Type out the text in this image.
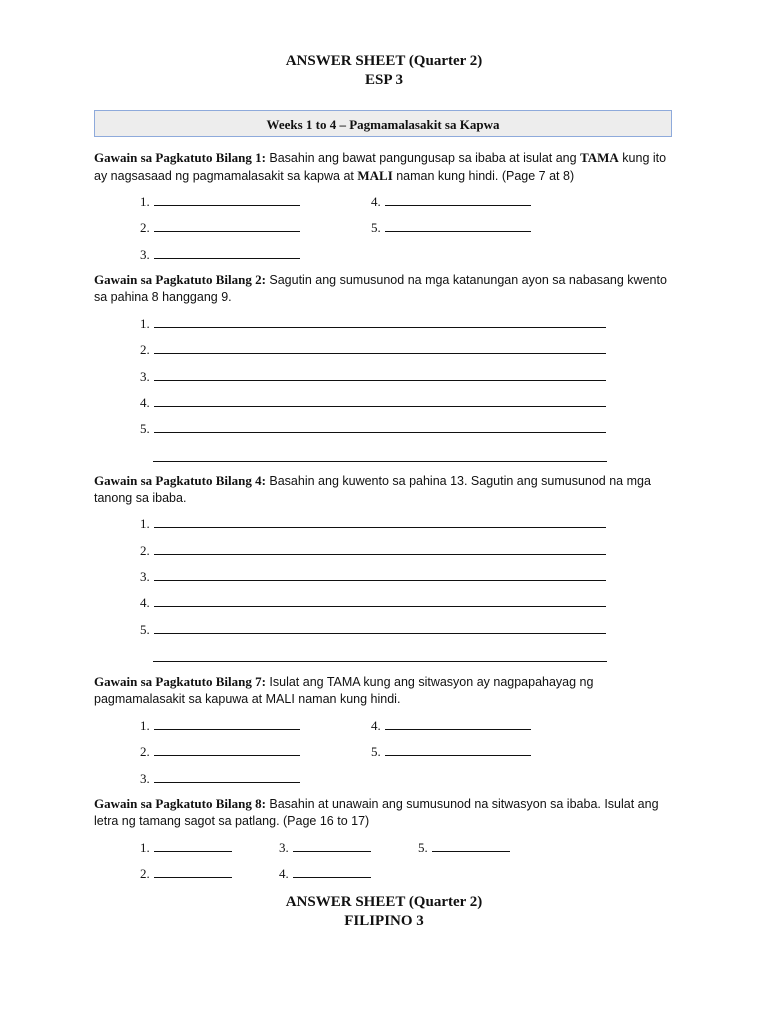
ANSWER SHEET (Quarter 2)
ESP 3
Weeks 1 to 4 – Pagmamalasakit sa Kapwa
Gawain sa Pagkatuto Bilang 1: Basahin ang bawat pangungusap sa ibaba at isulat ang TAMA kung ito ay nagsasaad ng pagmamalasakit sa kapwa at MALI naman kung hindi. (Page 7 at 8)
1.
2.
3.
4.
5.
Gawain sa Pagkatuto Bilang 2: Sagutin ang sumusunod na mga katanungan ayon sa nabasang kwento sa pahina 8 hanggang 9.
1.
2.
3.
4.
5.
Gawain sa Pagkatuto Bilang 4: Basahin ang kuwento sa pahina 13. Sagutin ang sumusunod na mga tanong sa ibaba.
1.
2.
3.
4.
5.
Gawain sa Pagkatuto Bilang 7: Isulat ang TAMA kung ang sitwasyon ay nagpapahayag ng pagmamalasakit sa kapuwa at MALI naman kung hindi.
1.
2.
3.
4.
5.
Gawain sa Pagkatuto Bilang 8: Basahin at unawain ang sumusunod na sitwasyon sa ibaba. Isulat ang letra ng tamang sagot sa patlang. (Page 16 to 17)
1.
2.
3.
4.
5.
ANSWER SHEET (Quarter 2)
FILIPINO 3
